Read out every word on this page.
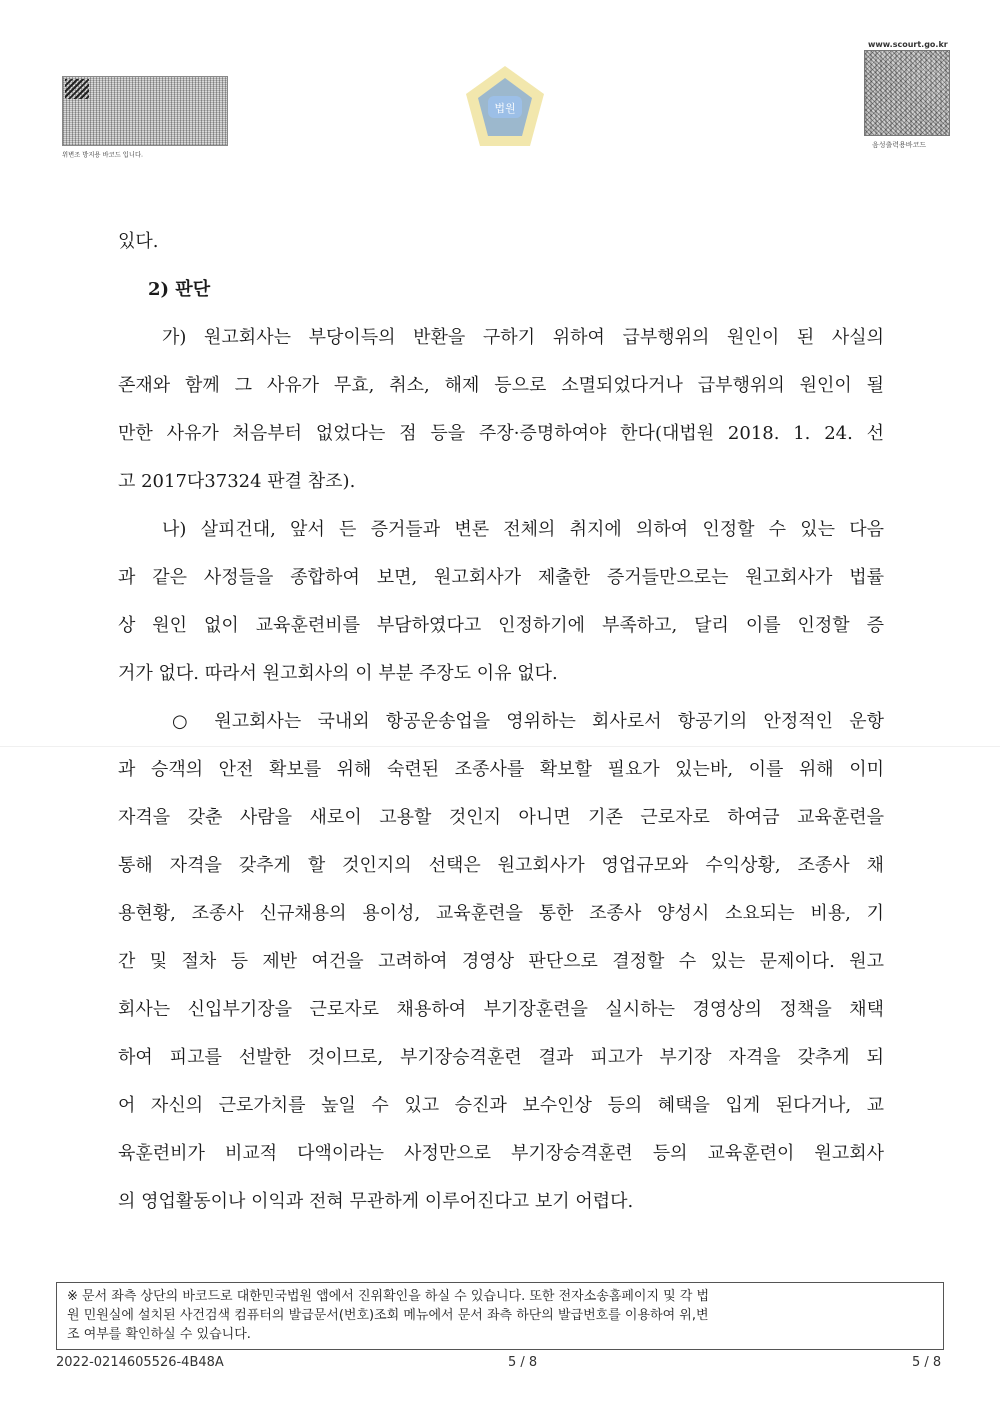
위변조 방지용 바코드 입니다.
법원
www.scourt.go.kr
음성출력용바코드
있다.
2) 판단
가) 원고회사는 부당이득의 반환을 구하기 위하여 급부행위의 원인이 된 사실의
존재와 함께 그 사유가 무효, 취소, 해제 등으로 소멸되었다거나 급부행위의 원인이 될
만한 사유가 처음부터 없었다는 점 등을 주장·증명하여야 한다(대법원 2018. 1. 24. 선
고 2017다37324 판결 참조).
나) 살피건대, 앞서 든 증거들과 변론 전체의 취지에 의하여 인정할 수 있는 다음
과 같은 사정들을 종합하여 보면, 원고회사가 제출한 증거들만으로는 원고회사가 법률
상 원인 없이 교육훈련비를 부담하였다고 인정하기에 부족하고, 달리 이를 인정할 증
거가 없다. 따라서 원고회사의 이 부분 주장도 이유 없다.
○ 원고회사는 국내외 항공운송업을 영위하는 회사로서 항공기의 안정적인 운항
과 승객의 안전 확보를 위해 숙련된 조종사를 확보할 필요가 있는바, 이를 위해 이미
자격을 갖춘 사람을 새로이 고용할 것인지 아니면 기존 근로자로 하여금 교육훈련을
통해 자격을 갖추게 할 것인지의 선택은 원고회사가 영업규모와 수익상황, 조종사 채
용현황, 조종사 신규채용의 용이성, 교육훈련을 통한 조종사 양성시 소요되는 비용, 기
간 및 절차 등 제반 여건을 고려하여 경영상 판단으로 결정할 수 있는 문제이다. 원고
회사는 신입부기장을 근로자로 채용하여 부기장훈련을 실시하는 경영상의 정책을 채택
하여 피고를 선발한 것이므로, 부기장승격훈련 결과 피고가 부기장 자격을 갖추게 되
어 자신의 근로가치를 높일 수 있고 승진과 보수인상 등의 혜택을 입게 된다거나, 교
육훈련비가 비교적 다액이라는 사정만으로 부기장승격훈련 등의 교육훈련이 원고회사
의 영업활동이나 이익과 전혀 무관하게 이루어진다고 보기 어렵다.
※ 문서 좌측 상단의 바코드로 대한민국법원 앱에서 진위확인을 하실 수 있습니다. 또한 전자소송홈페이지 및 각 법
원 민원실에 설치된 사건검색 컴퓨터의 발급문서(번호)조회 메뉴에서 문서 좌측 하단의 발급번호를 이용하여 위,변
조 여부를 확인하실 수 있습니다.
2022-0214605526-4B48A	5 / 8	5 / 8
